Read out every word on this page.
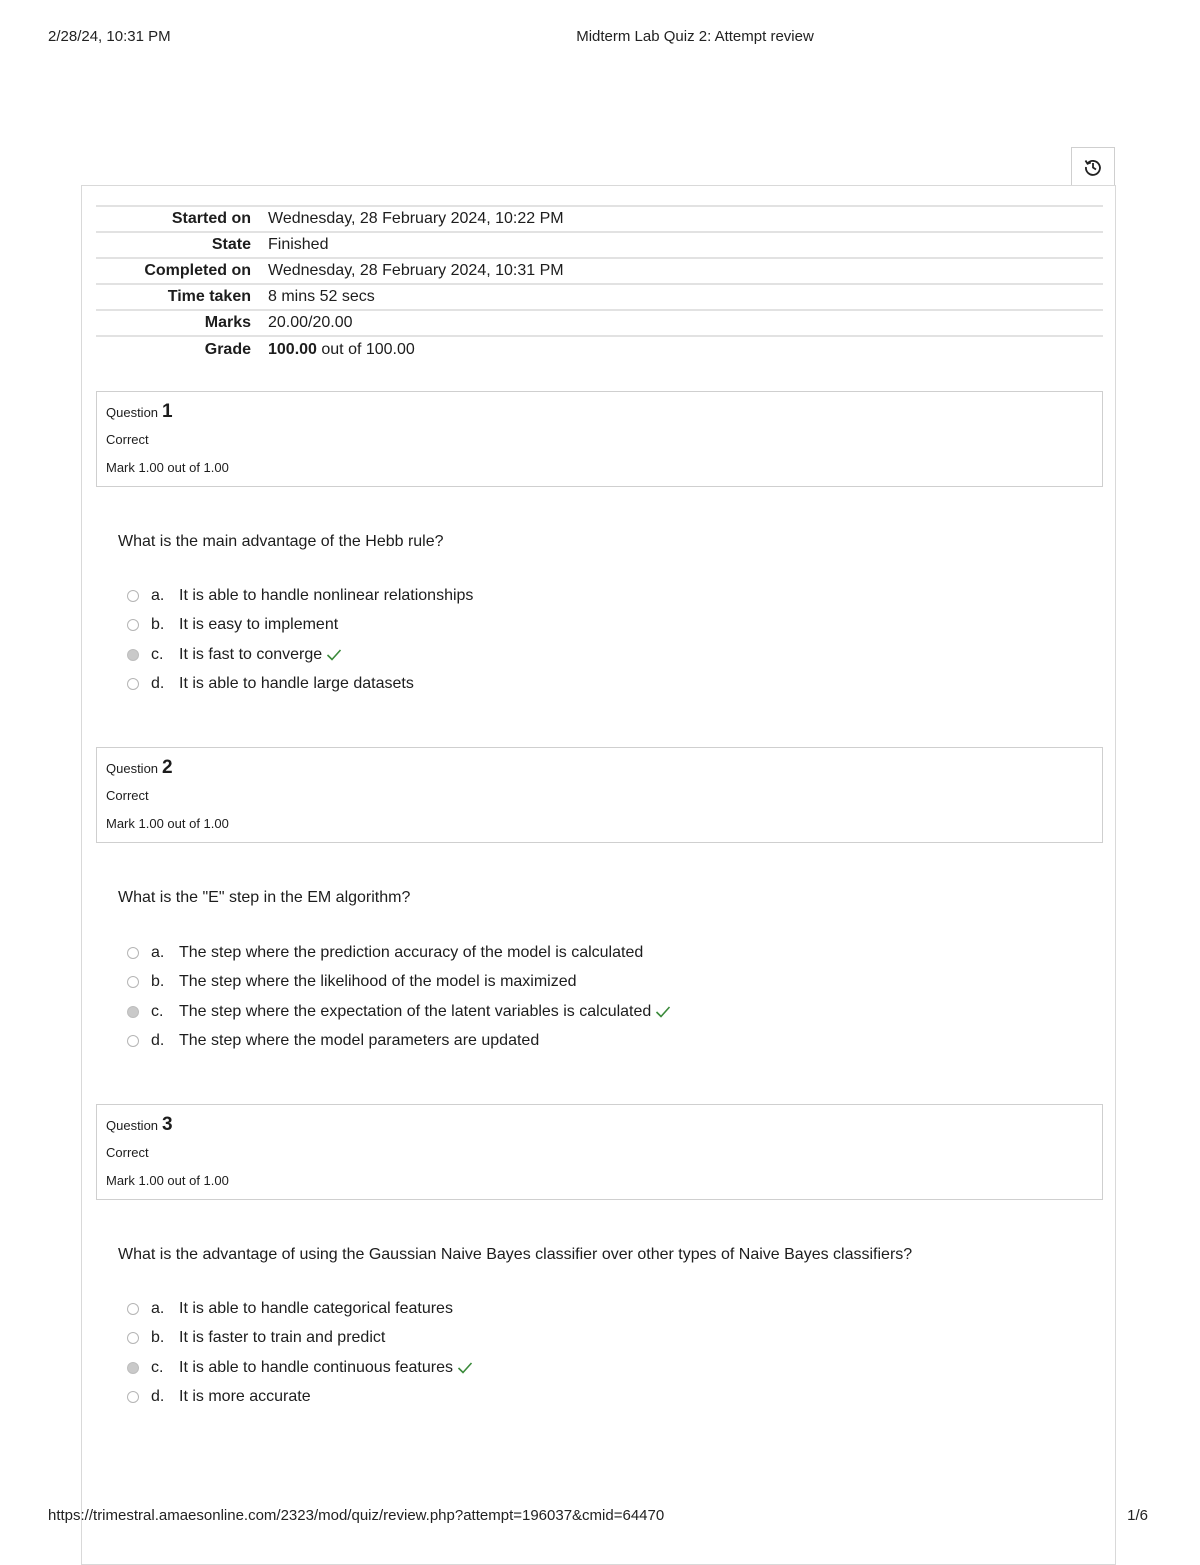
2/28/24, 10:31 PM	Midterm Lab Quiz 2: Attempt review
Started on	Wednesday, 28 February 2024, 10:22 PM
State	Finished
Completed on	Wednesday, 28 February 2024, 10:31 PM
Time taken	8 mins 52 secs
Marks	20.00/20.00
Grade	100.00 out of 100.00
Question 1
Correct
Mark 1.00 out of 1.00
What is the main advantage of the Hebb rule?
a. It is able to handle nonlinear relationships
b. It is easy to implement
c. It is fast to converge
d. It is able to handle large datasets
Question 2
Correct
Mark 1.00 out of 1.00
What is the "E" step in the EM algorithm?
a. The step where the prediction accuracy of the model is calculated
b. The step where the likelihood of the model is maximized
c. The step where the expectation of the latent variables is calculated
d. The step where the model parameters are updated
Question 3
Correct
Mark 1.00 out of 1.00
What is the advantage of using the Gaussian Naive Bayes classifier over other types of Naive Bayes classifiers?
a. It is able to handle categorical features
b. It is faster to train and predict
c. It is able to handle continuous features
d. It is more accurate
https://trimestral.amaesonline.com/2323/mod/quiz/review.php?attempt=196037&cmid=64470	1/6
